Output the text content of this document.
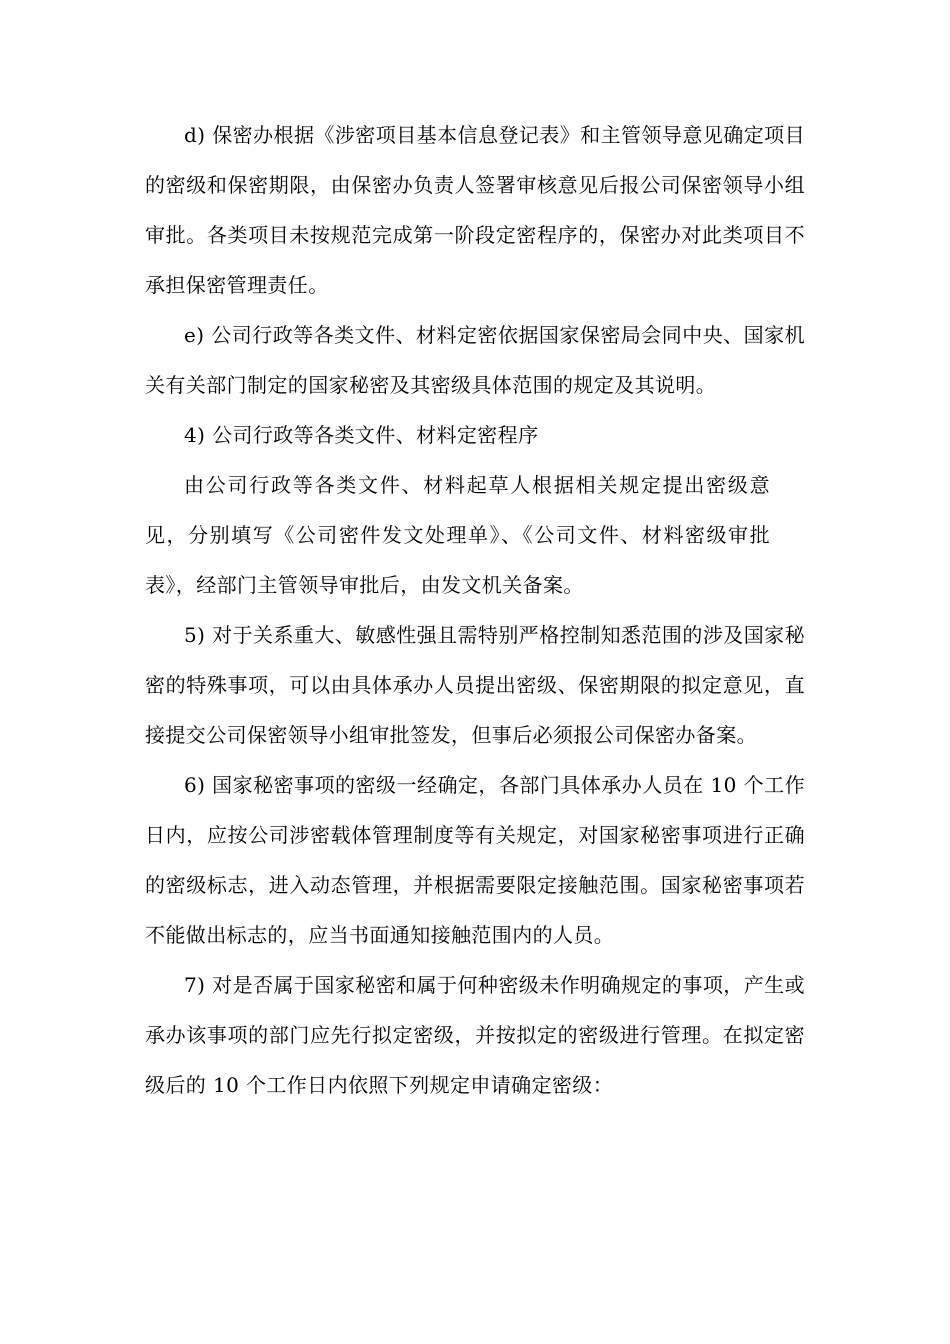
d) 保密办根据《涉密项目基本信息登记表》和主管领导意见确定项目的密级和保密期限，由保密办负责人签署审核意见后报公司保密领导小组审批。各类项目未按规范完成第一阶段定密程序的，保密办对此类项目不承担保密管理责任。

e) 公司行政等各类文件、材料定密依据国家保密局会同中央、国家机关有关部门制定的国家秘密及其密级具体范围的规定及其说明。

4) 公司行政等各类文件、材料定密程序

由公司行政等各类文件、材料起草人根据相关规定提出密级意见，分别填写《公司密件发文处理单》、《公司文件、材料密级审批表》，经部门主管领导审批后，由发文机关备案。

5) 对于关系重大、敏感性强且需特别严格控制知悉范围的涉及国家秘密的特殊事项，可以由具体承办人员提出密级、保密期限的拟定意见，直接提交公司保密领导小组审批签发，但事后必须报公司保密办备案。

6) 国家秘密事项的密级一经确定，各部门具体承办人员在 10 个工作日内，应按公司涉密载体管理制度等有关规定，对国家秘密事项进行正确的密级标志，进入动态管理，并根据需要限定接触范围。国家秘密事项若不能做出标志的，应当书面通知接触范围内的人员。

7) 对是否属于国家秘密和属于何种密级未作明确规定的事项，产生或承办该事项的部门应先行拟定密级，并按拟定的密级进行管理。在拟定密级后的 10 个工作日内依照下列规定申请确定密级：
